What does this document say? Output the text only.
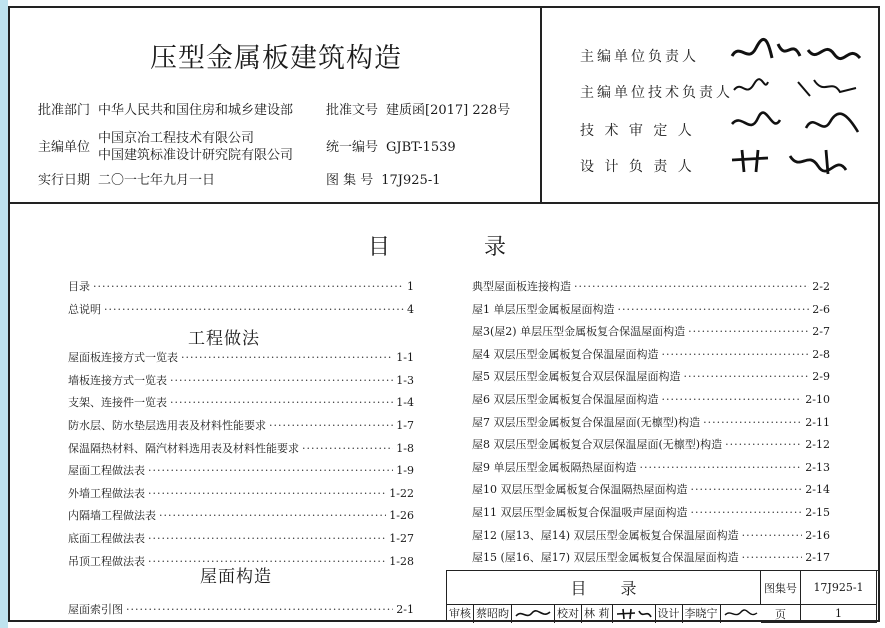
压型金属板建筑构造
批准部门 中华人民共和国住房和城乡建设部	批准文号 建质函[2017] 228号
主编单位
中国京冶工程技术有限公司
中国建筑标准设计研究院有限公司
统一编号 GJBT-1539
实行日期 二〇一七年九月一日	图 集 号 17J925-1
主编单位负责人
主编单位技术负责人
技 术 审 定 人
设 计 负 责 人
目	录
目录 ·····	1
总说明 ·····	4
屋面板连接方式一览表 ·····	1-1
墙板连接方式一览表 ·····	1-3
支架、连接件一览表 ·····	1-4
防水层、防水垫层选用表及材料性能要求 ·····	1-7
保温隔热材料、隔汽材料选用表及材料性能要求 ·····	1-8
屋面工程做法表 ·····	1-9
外墙工程做法表 ·····	1-22
内隔墙工程做法表 ·····	1-26
底面工程做法表 ·····	1-27
吊顶工程做法表 ·····	1-28
屋面索引图 ·····	2-1
工程做法
屋面构造
典型屋面板连接构造 ·····	2-2
屋1 单层压型金属板屋面构造 ·····	2-6
屋3(屋2) 单层压型金属板复合保温屋面构造 ·····	2-7
屋4 双层压型金属板复合保温屋面构造 ·····	2-8
屋5 双层压型金属板复合双层保温屋面构造 ·····	2-9
屋6 双层压型金属板复合保温屋面构造 ·····	2-10
屋7 双层压型金属板复合保温屋面(无檩型)构造 ·····	2-11
屋8 双层压型金属板复合双层保温屋面(无檩型)构造 ·····	2-12
屋9 单层压型金属板隔热屋面构造 ·····	2-13
屋10 双层压型金属板复合保温隔热屋面构造 ·····	2-14
屋11 双层压型金属板复合保温吸声屋面构造 ·····	2-15
屋12 (屋13、屋14) 双层压型金属板复合保温屋面构造 ·····	2-16
屋15 (屋16、屋17) 双层压型金属板复合保温屋面构造 ·····	2-17
目 录	图集号	17J925-1
审核 蔡昭昀	校对 林 莉	设计 李晓宁	页	1
